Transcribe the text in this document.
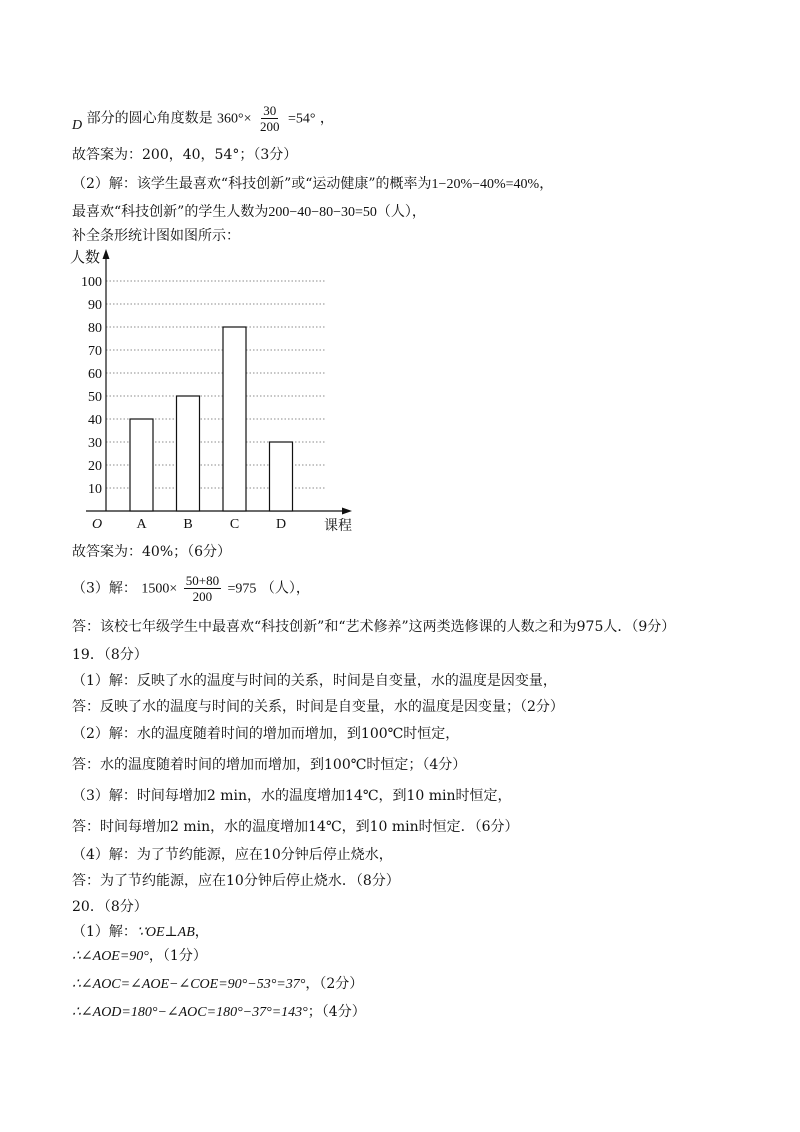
D 部分的圆心角度数是 $360^\circ\times \frac{30}{200} =54^\circ$ ，
故答案为：200，40，54°；（3分）
（2）解：该学生最喜欢“科技创新”或“运动健康”的概率为1−20%−40%=40%，
最喜欢“科技创新”的学生人数为200−40−80−30=50（人），
补全条形统计图如图所示：
10
20
30
40
50
60
70
80
90
100
A	B	C	D
人数
课程
O
故答案为：40%；（6分）
（3）解： $1500\times \frac{50+80}{200} =975$ （人），
答：该校七年级学生中最喜欢“科技创新”和“艺术修养”这两类选修课的人数之和为975人．（9分）
19．（8分）
（1）解：反映了水的温度与时间的关系，时间是自变量，水的温度是因变量，
答：反映了水的温度与时间的关系，时间是自变量，水的温度是因变量；（2分）
（2）解：水的温度随着时间的增加而增加，到100℃时恒定，
答：水的温度随着时间的增加而增加，到100℃时恒定；（4分）
（3）解：时间每增加2 min，水的温度增加14℃，到10 min时恒定，
答：时间每增加2 min，水的温度增加14℃，到10 min时恒定．（6分）
（4）解：为了节约能源，应在10分钟后停止烧水，
答：为了节约能源，应在10分钟后停止烧水．（8分）
20．（8分）
（1）解：∵OE⊥AB，
∴∠AOE=90°，（1分）
∴∠AOC=∠AOE−∠COE=90°−53°=37°，（2分）
∴∠AOD=180°−∠AOC=180°−37°=143°；（4分）
